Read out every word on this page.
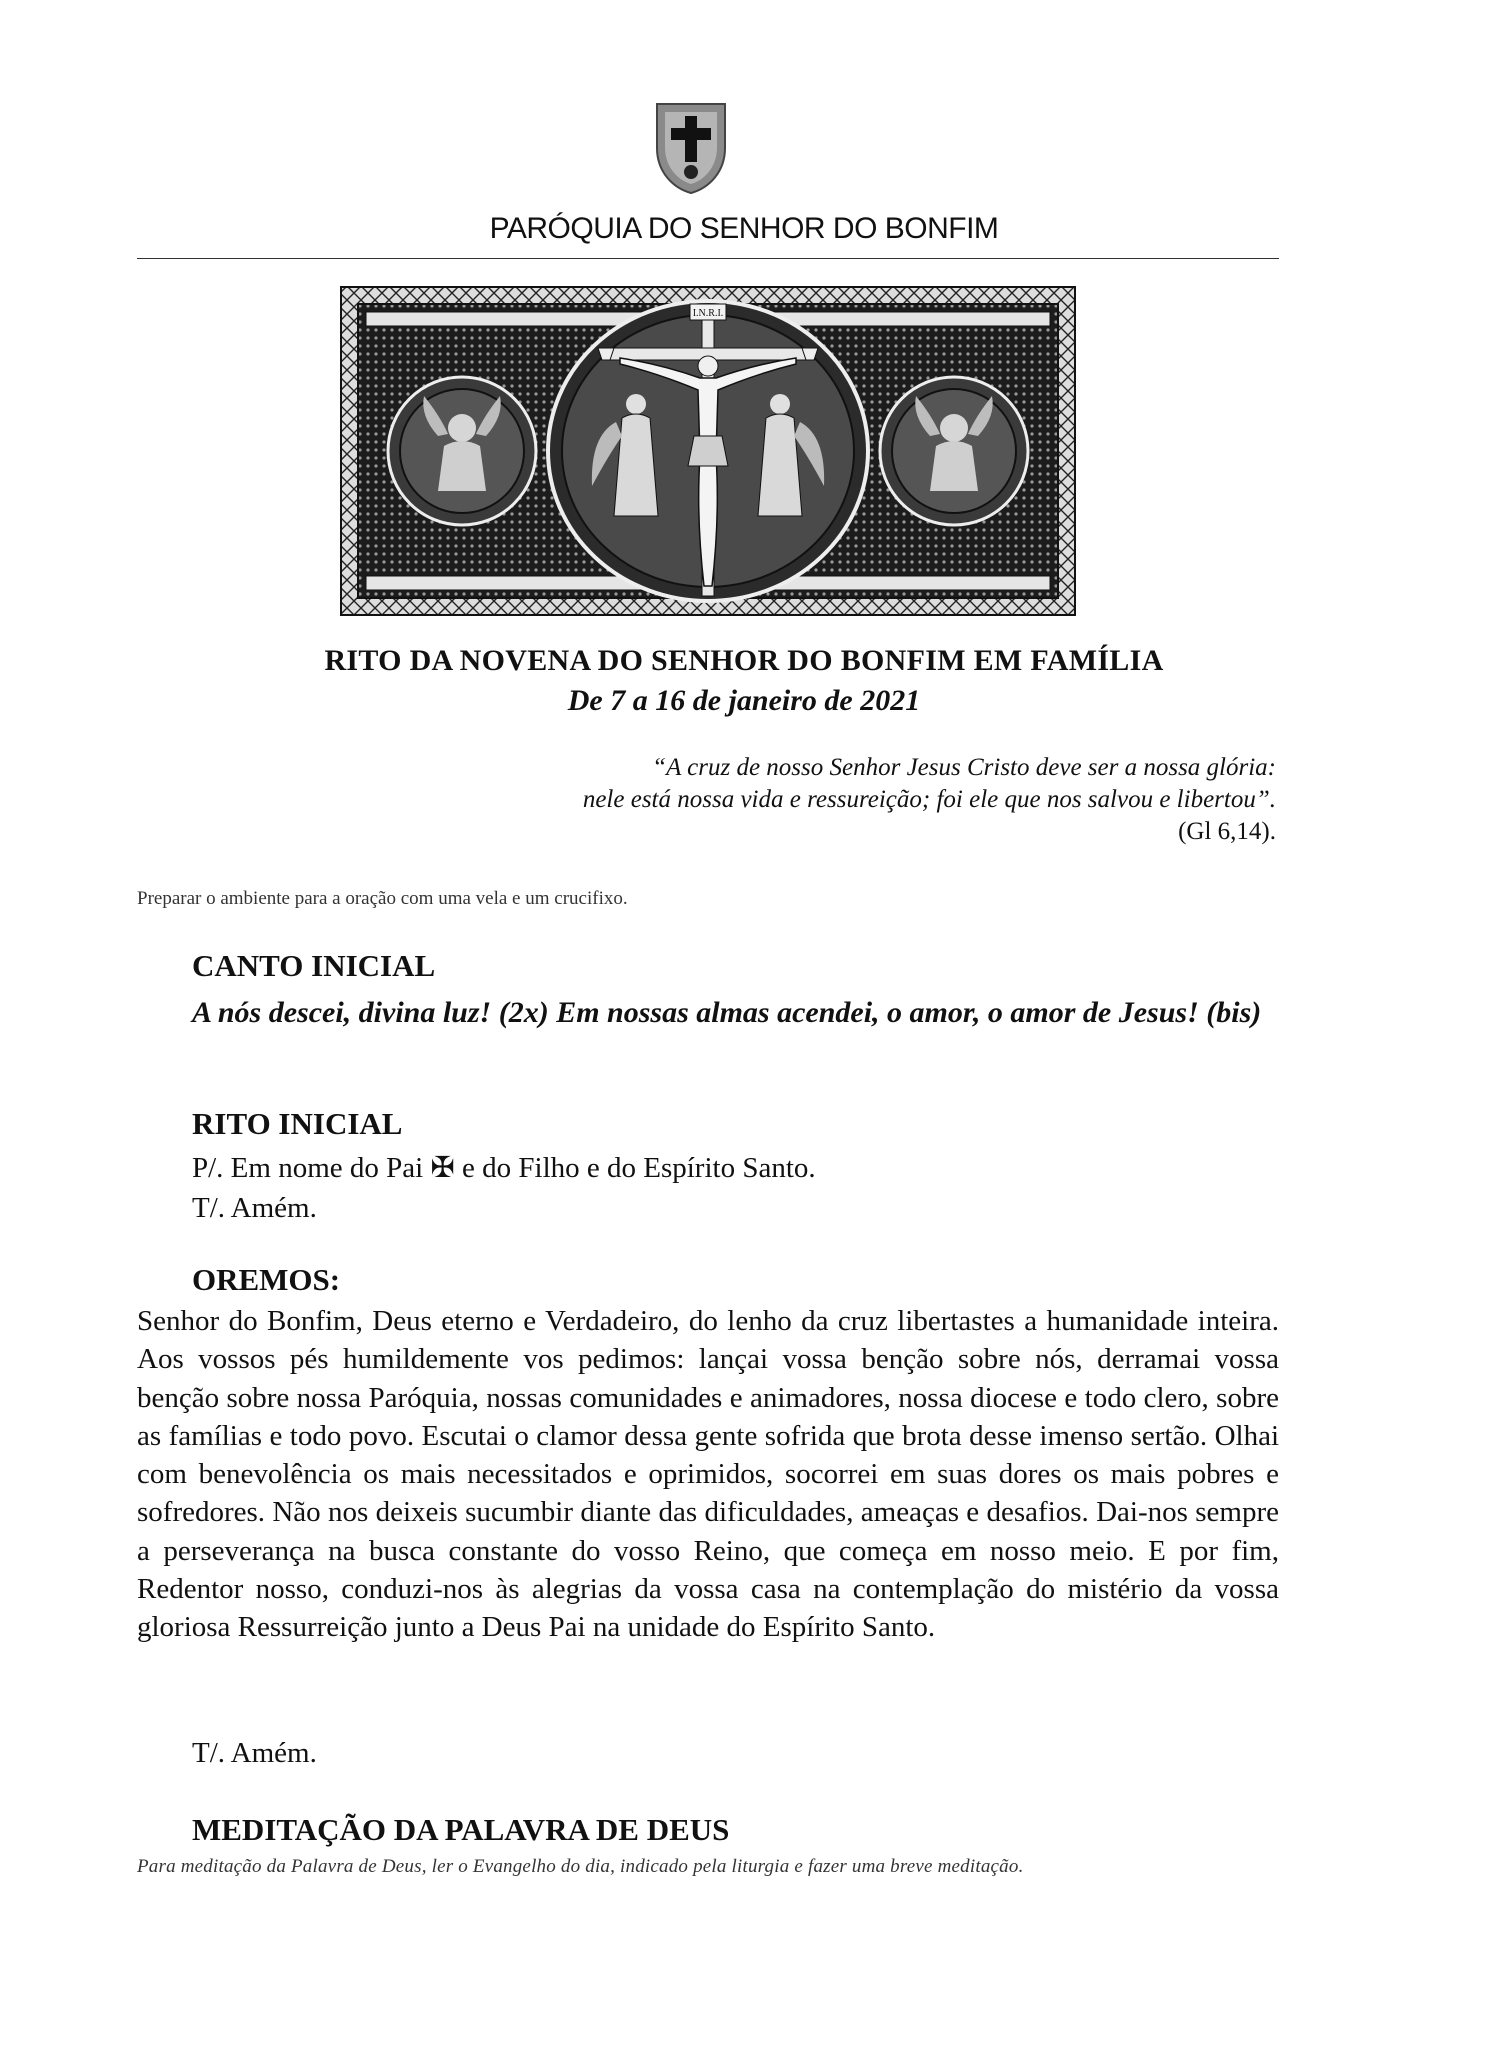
PARÓQUIA DO SENHOR DO BONFIM
I.N.R.I.
RITO DA NOVENA DO SENHOR DO BONFIM EM FAMÍLIA
De 7 a 16 de janeiro de 2021
“A cruz de nosso Senhor Jesus Cristo deve ser a nossa glória:
nele está nossa vida e ressureição; foi ele que nos salvou e libertou”.
(Gl 6,14).
Preparar o ambiente para a oração com uma vela e um crucifixo.
CANTO INICIAL
A nós descei, divina luz! (2x) Em nossas almas acendei, o amor, o amor de Jesus! (bis)
RITO INICIAL
P/. Em nome do Pai ✠ e do Filho e do Espírito Santo.
T/. Amém.
OREMOS:
Senhor do Bonfim, Deus eterno e Verdadeiro, do lenho da cruz libertastes a humanidade inteira. Aos vossos pés humildemente vos pedimos: lançai vossa benção sobre nós, derramai vossa benção sobre nossa Paróquia, nossas comunidades e animadores, nossa diocese e todo clero, sobre as famílias e todo povo. Escutai o clamor dessa gente sofrida que brota desse imenso sertão. Olhai com benevolência os mais necessitados e oprimidos, socorrei em suas dores os mais pobres e sofredores. Não nos deixeis sucumbir diante das dificuldades, ameaças e desafios. Dai-nos sempre a perseverança na busca constante do vosso Reino, que começa em nosso meio. E por fim, Redentor nosso, conduzi-nos às alegrias da vossa casa na contemplação do mistério da vossa gloriosa Ressurreição junto a Deus Pai na unidade do Espírito Santo.
T/. Amém.
MEDITAÇÃO DA PALAVRA DE DEUS
Para meditação da Palavra de Deus, ler o Evangelho do dia, indicado pela liturgia e fazer uma breve meditação.
